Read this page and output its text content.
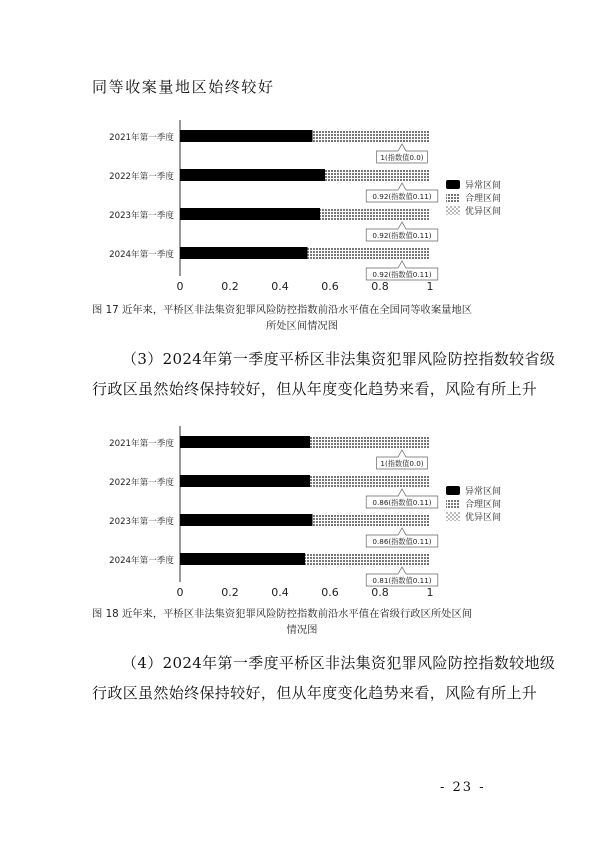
同等收案量地区始终较好
0	0.2	0.4	0.6	0.8	1
2021年第一季度
1(指数值0.0)
2022年第一季度
0.92(指数值0.11)
2023年第一季度
0.92(指数值0.11)
2024年第一季度
0.92(指数值0.11)
异常区间
合理区间
优异区间
图 17 近年来，平桥区非法集资犯罪风险防控指数前沿水平值在全国同等收案量地区
所处区间情况图
（3）2024年第一季度平桥区非法集资犯罪风险防控指数较省级
行政区虽然始终保持较好，但从年度变化趋势来看，风险有所上升
0	0.2	0.4	0.6	0.8	1
2021年第一季度
1(指数值0.0)
2022年第一季度
0.86(指数值0.11)
2023年第一季度
0.86(指数值0.11)
2024年第一季度
0.81(指数值0.11)
异常区间
合理区间
优异区间
图 18 近年来，平桥区非法集资犯罪风险防控指数前沿水平值在省级行政区所处区间
情况图
（4）2024年第一季度平桥区非法集资犯罪风险防控指数较地级
行政区虽然始终保持较好，但从年度变化趋势来看，风险有所上升
- 23 -
